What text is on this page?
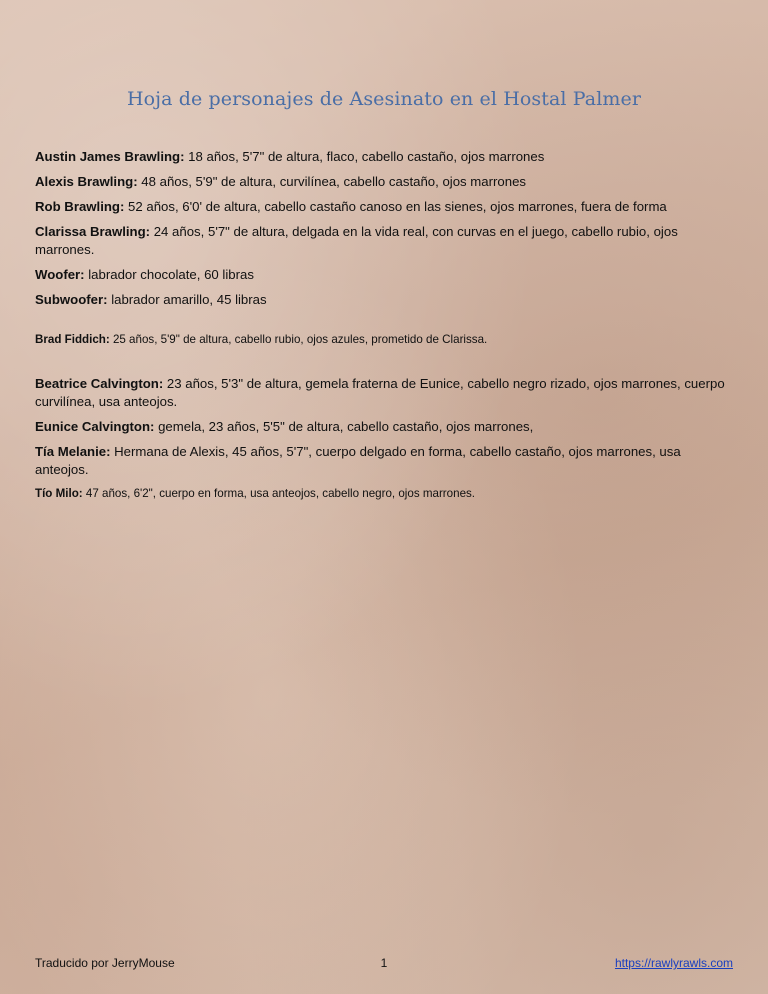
Hoja de personajes de Asesinato en el Hostal Palmer
Austin James Brawling: 18 años, 5'7" de altura, flaco, cabello castaño, ojos marrones
Alexis Brawling: 48 años, 5'9" de altura, curvilínea, cabello castaño, ojos marrones
Rob Brawling: 52 años, 6'0' de altura, cabello castaño canoso en las sienes, ojos marrones, fuera de forma
Clarissa Brawling: 24 años, 5'7" de altura, delgada en la vida real, con curvas en el juego, cabello rubio, ojos marrones.
Woofer: labrador chocolate, 60 libras
Subwoofer: labrador amarillo, 45 libras
Brad Fiddich: 25 años, 5'9" de altura, cabello rubio, ojos azules, prometido de Clarissa.
Beatrice Calvington: 23 años, 5'3" de altura, gemela fraterna de Eunice, cabello negro rizado, ojos marrones, cuerpo curvilínea, usa anteojos.
Eunice Calvington: gemela, 23 años, 5'5" de altura, cabello castaño, ojos marrones,
Tía Melanie: Hermana de Alexis, 45 años, 5'7", cuerpo delgado en forma, cabello castaño, ojos marrones, usa anteojos.
Tío Milo: 47 años, 6'2", cuerpo en forma, usa anteojos, cabello negro, ojos marrones.
Traducido por JerryMouse	1	https://rawlyrawls.com
